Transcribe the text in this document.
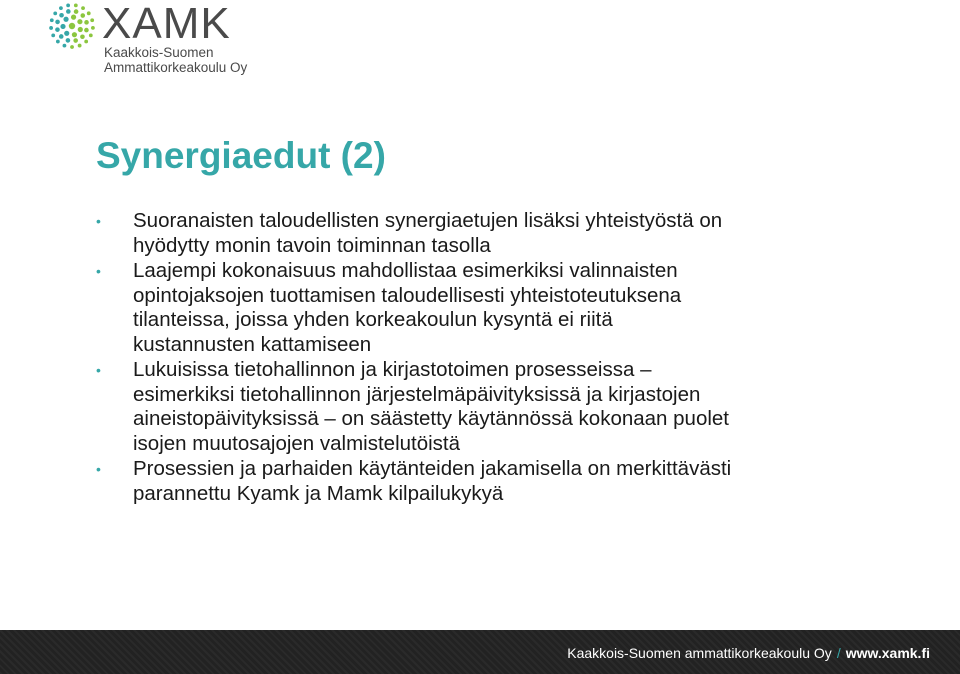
XAMK
Kaakkois-Suomen
Ammattikorkeakoulu Oy
Synergiaedut (2)
•	Suoranaisten taloudellisten synergiaetujen lisäksi yhteistyöstä on
hyödytty monin tavoin toiminnan tasolla
•	Laajempi kokonaisuus mahdollistaa esimerkiksi valinnaisten
opintojaksojen tuottamisen taloudellisesti yhteistoteutuksena
tilanteissa, joissa yhden korkeakoulun kysyntä ei riitä
kustannusten kattamiseen
•	Lukuisissa tietohallinnon ja kirjastotoimen prosesseissa –
esimerkiksi tietohallinnon järjestelmäpäivityksissä ja kirjastojen
aineistopäivityksissä – on säästetty käytännössä kokonaan puolet
isojen muutosajojen valmistelutöistä
•	Prosessien ja parhaiden käytänteiden jakamisella on merkittävästi
parannettu Kyamk ja Mamk kilpailukykyä
Kaakkois-Suomen ammattikorkeakoulu Oy / www.xamk.fi
